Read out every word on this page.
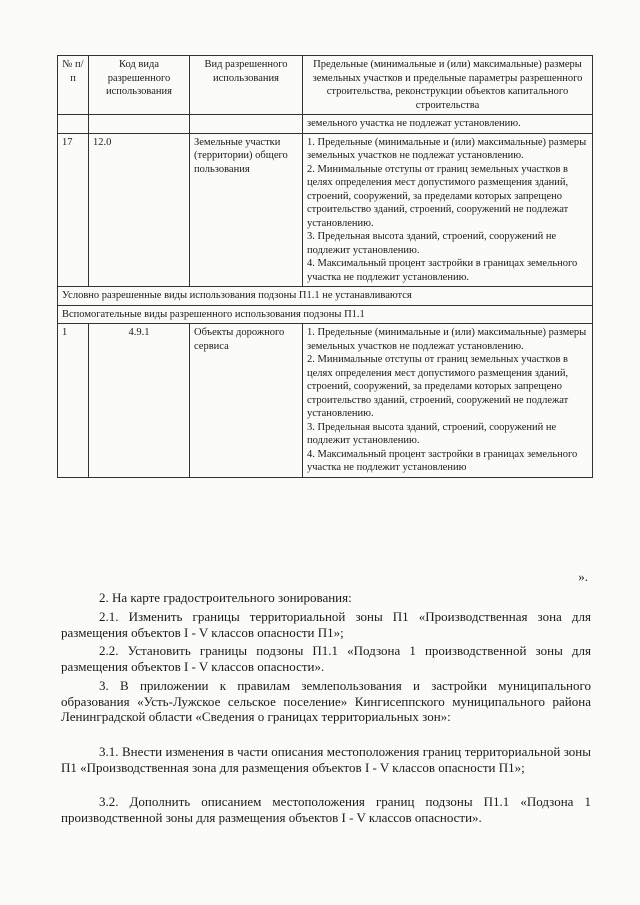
№ п/п	Код вида разрешенного использования	Вид разрешенного использования	Предельные (минимальные и (или) максимальные) размеры земельных участков и предельные параметры разрешенного строительства, реконструкции объектов капитального строительства
			земельного участка не подлежат установлению.
17	12.0	Земельные участки (территории) общего пользования	1. Предельные (минимальные и (или) максимальные) размеры земельных участков не подлежат установлению.
2. Минимальные отступы от границ земельных участков в целях определения мест допустимого размещения зданий, строений, сооружений, за пределами которых запрещено строительство зданий, строений, сооружений не подлежат установлению.
3. Предельная высота зданий, строений, сооружений не подлежит установлению.
4. Максимальный процент застройки в границах земельного участка не подлежит установлению.

Условно разрешенные виды использования подзоны П1.1 не устанавливаются			
Вспомогательные виды разрешенного использования подзоны П1.1			
1	4.9.1	Объекты дорожного сервиса	1. Предельные (минимальные и (или) максимальные) размеры земельных участков не подлежат установлению.
2. Минимальные отступы от границ земельных участков в целях определения мест допустимого размещения зданий, строений, сооружений, за пределами которых запрещено строительство зданий, строений, сооружений не подлежат установлению.
3. Предельная высота зданий, строений, сооружений не подлежит установлению.
4. Максимальный процент застройки в границах земельного участка не подлежит установлению
».
2. На карте градостроительного зонирования:
2.1. Изменить границы территориальной зоны П1 «Производственная зона для размещения объектов I - V классов опасности П1»;
2.2. Установить границы подзоны П1.1 «Подзона 1 производственной зоны для размещения объектов I - V классов опасности».
3. В приложении к правилам землепользования и застройки муниципального образования «Усть-Лужское сельское поселение» Кингисеппского муниципального района Ленинградской области «Сведения о границах территориальных зон»:
3.1. Внести изменения в части описания местоположения границ территориальной зоны П1 «Производственная зона для размещения объектов I - V классов опасности П1»;
3.2. Дополнить описанием местоположения границ подзоны П1.1 «Подзона 1 производственной зоны для размещения объектов I - V классов опасности».
